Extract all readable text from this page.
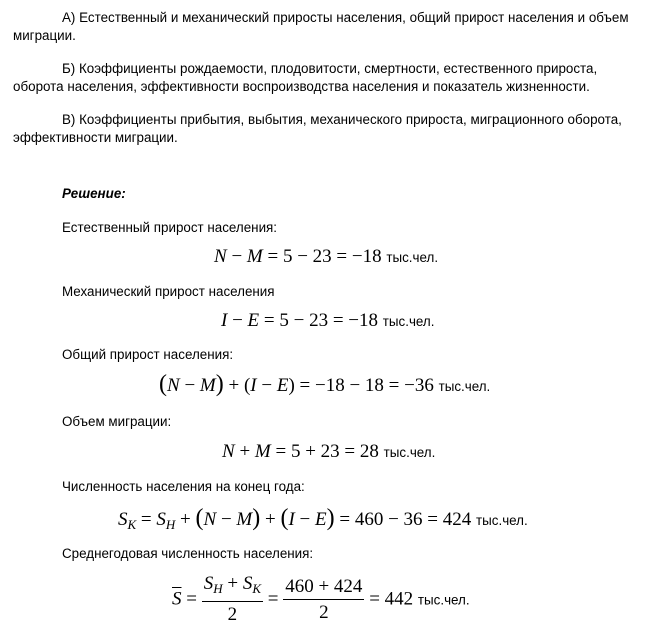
А) Естественный и механический приросты населения, общий прирост населения и объем миграции.

Б) Коэффициенты рождаемости, плодовитости, смертности, естественного прироста, оборота населения, эффективности воспроизводства населения и показатель жизненности.

В) Коэффициенты прибытия, выбытия, механического прироста, миграционного оборота, эффективности миграции.

Решение:

Естественный прирост населения:

N − M = 5 − 23 = −18 тыс.чел.

Механический прирост населения

I − E = 5 − 23 = −18 тыс.чел.

Общий прирост населения:

(N − M) + (I − E) = −18 − 18 = −36 тыс.чел.

Объем миграции:

N + M = 5 + 23 = 28 тыс.чел.

Численность населения на конец года:

$S_K = S_H + (N - M) + (I - E) = 460 - 36 = 424$ тыс.чел.

Среднегодовая численность населения:

$\overline{S} = \frac{S_H + S_K}{2} = \frac{460 + 424}{2} = 442$ тыс.чел.
